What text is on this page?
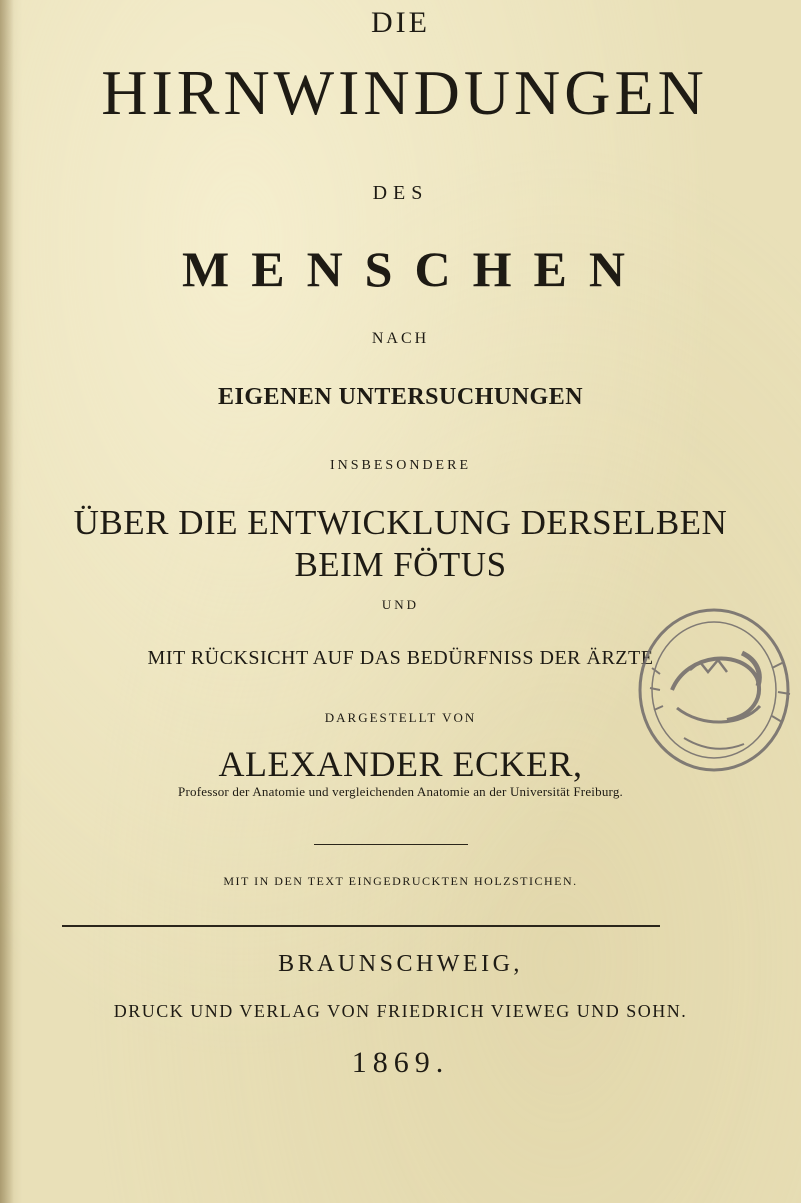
DIE

HIRNWINDUNGEN

DES

MENSCHEN

NACH

EIGENEN UNTERSUCHUNGEN

INSBESONDERE

ÜBER DIE ENTWICKLUNG DERSELBEN

BEIM FÖTUS

UND

MIT RÜCKSICHT AUF DAS BEDÜRFNISS DER ÄRZTE

DARGESTELLT VON

ALEXANDER ECKER,

Professor der Anatomie und vergleichenden Anatomie an der Universität Freiburg.

MIT IN DEN TEXT EINGEDRUCKTEN HOLZSTICHEN.

BRAUNSCHWEIG,

DRUCK UND VERLAG VON FRIEDRICH VIEWEG UND SOHN.

1869.
